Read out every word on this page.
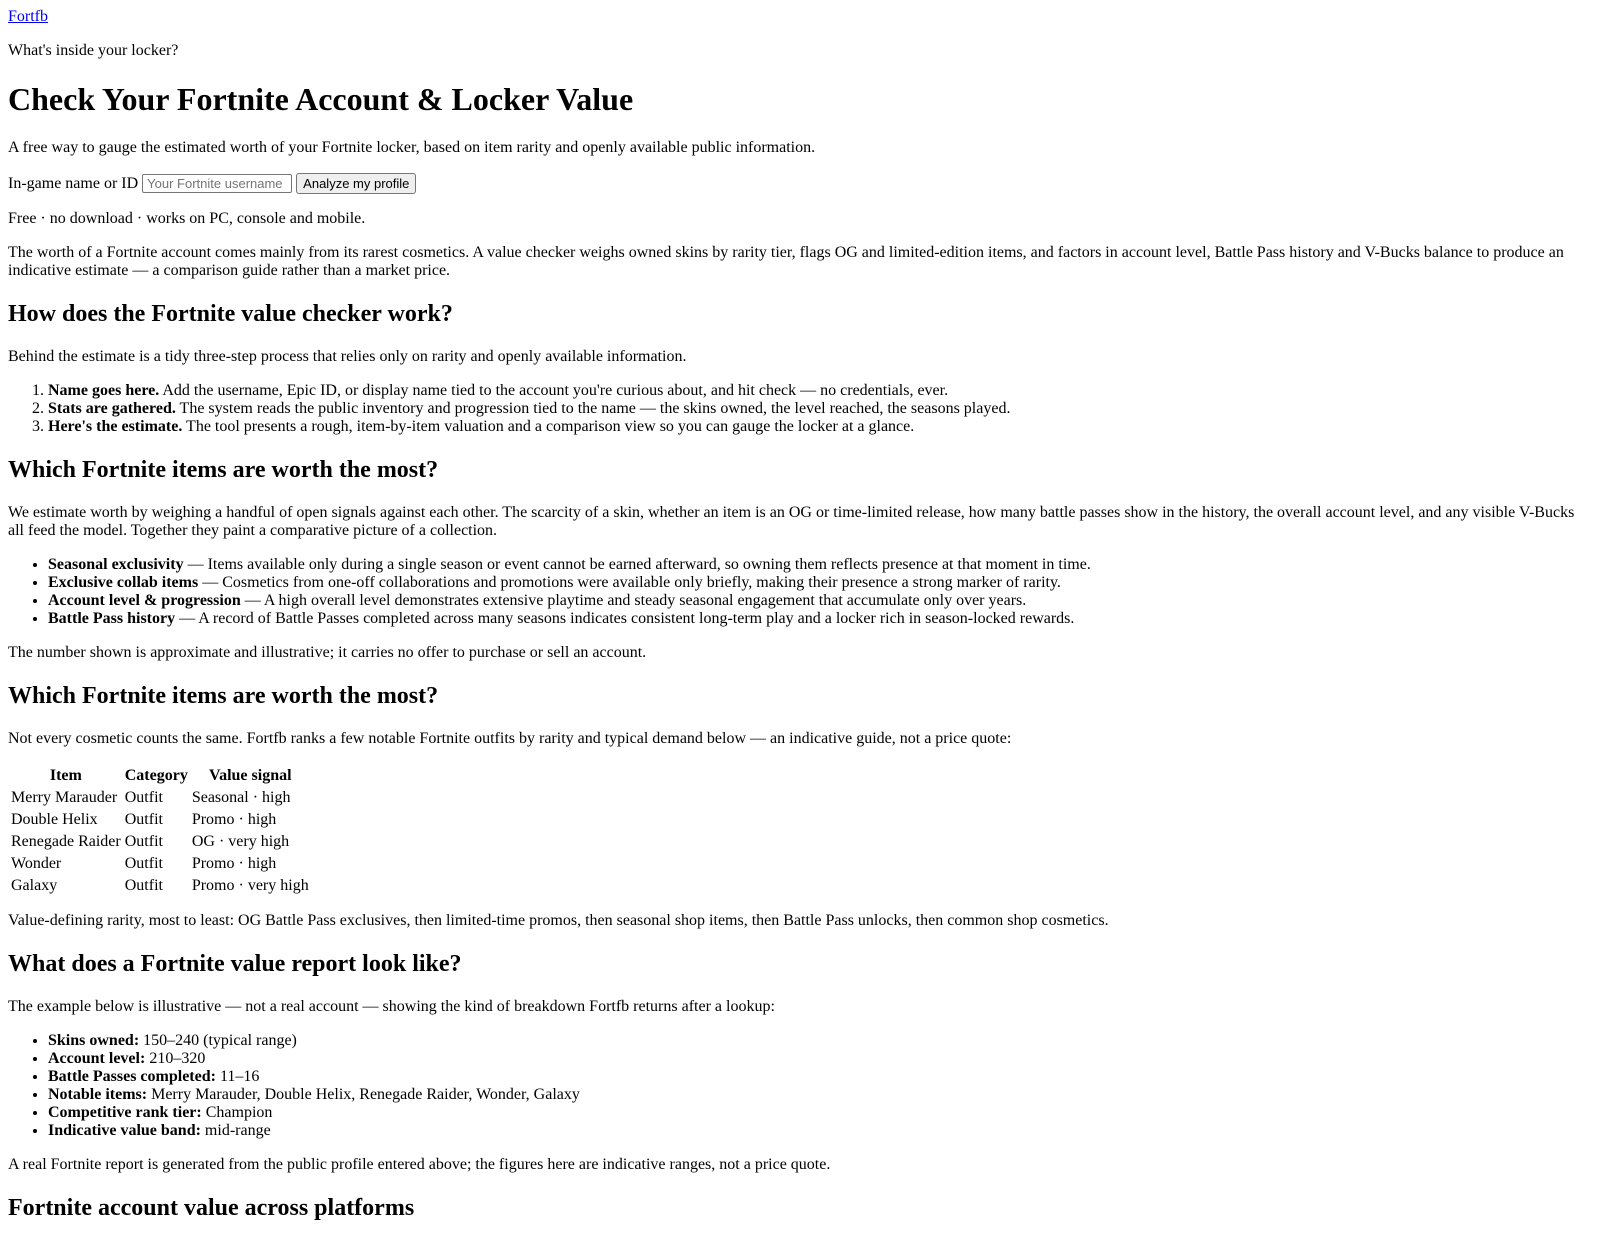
Fortfb

What's inside your locker?

Check Your Fortnite Account & Locker Value

A free way to gauge the estimated worth of your Fortnite locker, based on item rarity and openly available public information.

In-game name or ID
Your Fortnite username	Analyze my profile

Free · no download · works on PC, console and mobile.

The worth of a Fortnite account comes mainly from its rarest cosmetics. A value checker weighs owned skins by rarity tier, flags OG and limited-edition items, and factors in account level, Battle Pass history and V-Bucks balance to produce an indicative estimate — a comparison guide rather than a market price.

How does the Fortnite value checker work?

Behind the estimate is a tidy three-step process that relies only on rarity and openly available information.

1. Name goes here. Add the username, Epic ID, or display name tied to the account you're curious about, and hit check — no credentials, ever.
2. Stats are gathered. The system reads the public inventory and progression tied to the name — the skins owned, the level reached, the seasons played.
3. Here's the estimate. The tool presents a rough, item-by-item valuation and a comparison view so you can gauge the locker at a glance.
Which Fortnite items are worth the most?

We estimate worth by weighing a handful of open signals against each other. The scarcity of a skin, whether an item is an OG or time-limited release, how many battle passes show in the history, the overall account level, and any visible V-Bucks all feed the model. Together they paint a comparative picture of a collection.

• Seasonal exclusivity — Items available only during a single season or event cannot be earned afterward, so owning them reflects presence at that moment in time.
• Exclusive collab items — Cosmetics from one-off collaborations and promotions were available only briefly, making their presence a strong marker of rarity.
• Account level & progression — A high overall level demonstrates extensive playtime and steady seasonal engagement that accumulate only over years.
• Battle Pass history — A record of Battle Passes completed across many seasons indicates consistent long-term play and a locker rich in season-locked rewards.

The number shown is approximate and illustrative; it carries no offer to purchase or sell an account.

Which Fortnite items are worth the most?

Not every cosmetic counts the same. Fortfb ranks a few notable Fortnite outfits by rarity and typical demand below — an indicative guide, not a price quote:

Item	Category	Value signal
Merry Marauder	Outfit	Seasonal · high
Double Helix	Outfit	Promo · high
Renegade Raider	Outfit	OG · very high
Wonder	Outfit	Promo · high
Galaxy	Outfit	Promo · very high

Value-defining rarity, most to least: OG Battle Pass exclusives, then limited-time promos, then seasonal shop items, then Battle Pass unlocks, then common shop cosmetics.

What does a Fortnite value report look like?

The example below is illustrative — not a real account — showing the kind of breakdown Fortfb returns after a lookup:

• Skins owned: 150–240 (typical range)
• Account level: 210–320
• Battle Passes completed: 11–16
• Notable items: Merry Marauder, Double Helix, Renegade Raider, Wonder, Galaxy
• Competitive rank tier: Champion
• Indicative value band: mid-range

A real Fortnite report is generated from the public profile entered above; the figures here are indicative ranges, not a price quote.

Fortnite account value across platforms
